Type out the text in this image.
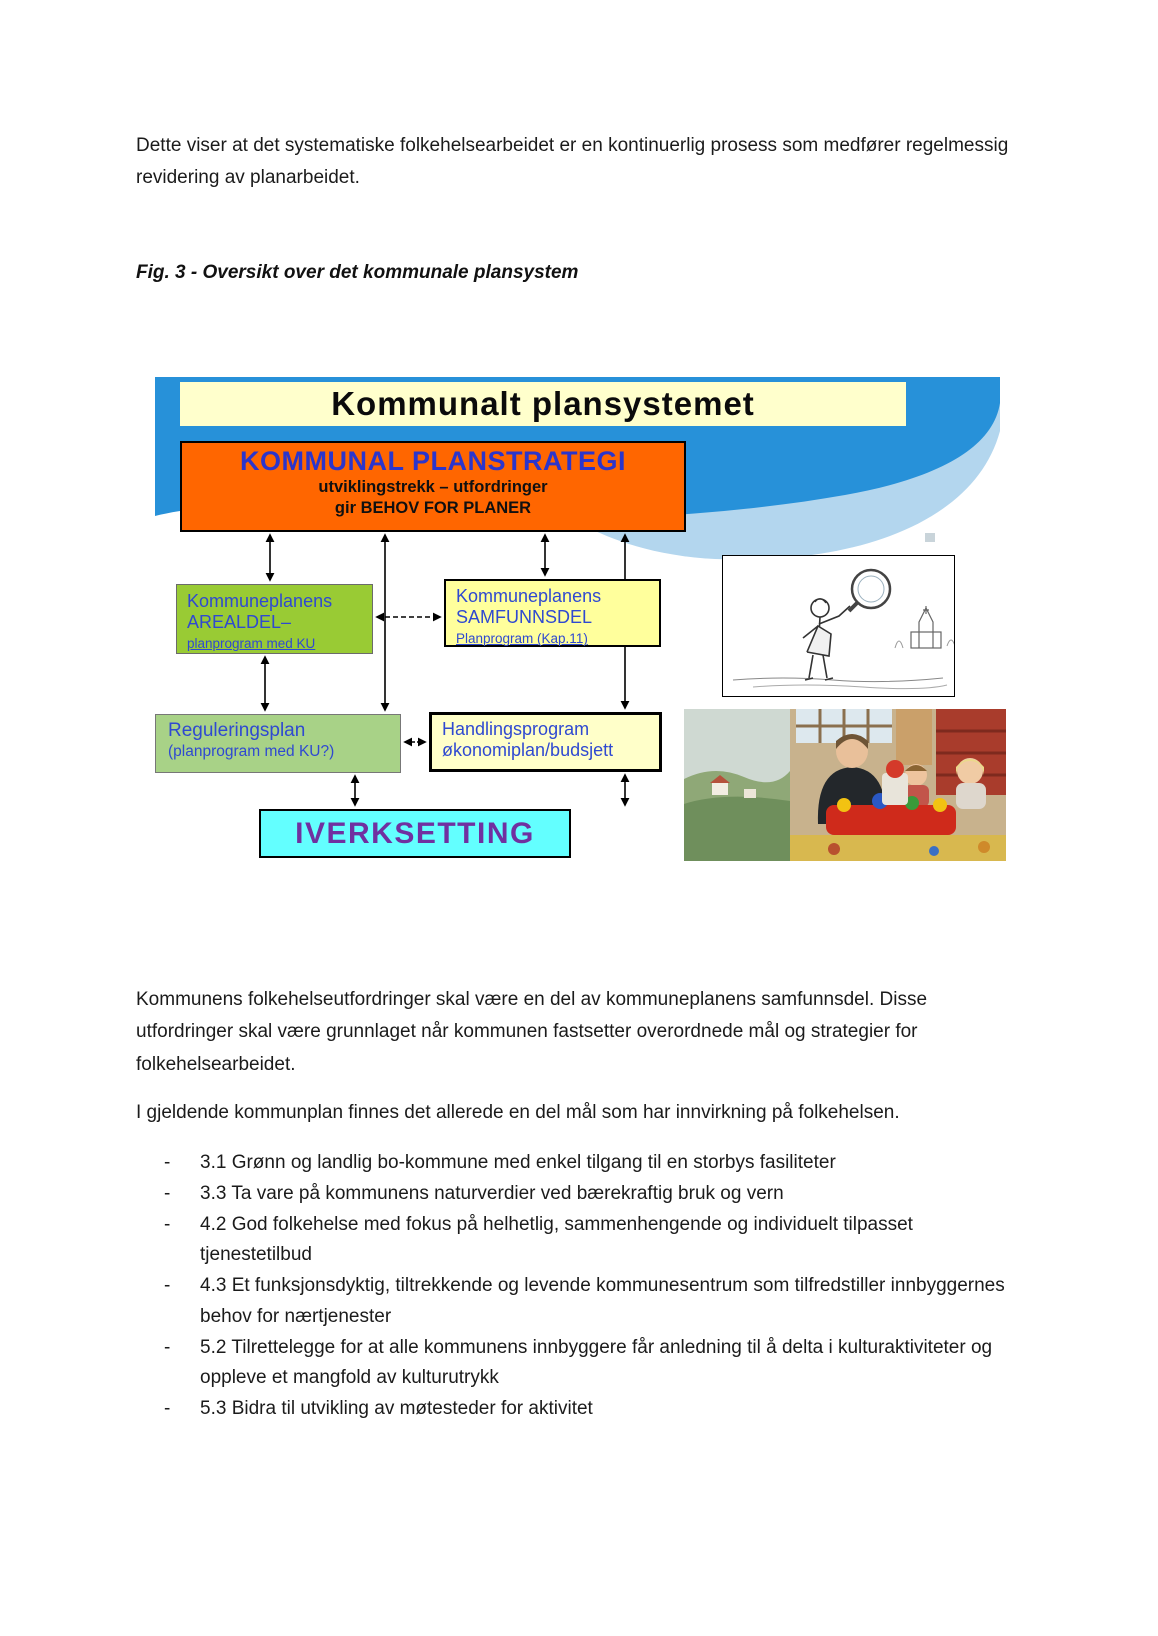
Dette viser at det systematiske folkehelsearbeidet er en kontinuerlig prosess som medfører regelmessig revidering av planarbeidet.

Fig. 3 - Oversikt over det kommunale plansystem

Kommunalt plansystemet
KOMMUNAL PLANSTRATEGI
utviklingstrekk – utfordringer
gir BEHOV FOR PLANER
Kommuneplanens
AREALDEL–
planprogram med KU
Kommuneplanens
SAMFUNNSDEL
Planprogram (Kap.11)
Reguleringsplan
(planprogram med KU?)
Handlingsprogram
økonomiplan/budsjett
IVERKSETTING

Kommunens folkehelseutfordringer skal være en del av kommuneplanens samfunnsdel. Disse utfordringer skal være grunnlaget når kommunen fastsetter overordnede mål og strategier for folkehelsearbeidet.

I gjeldende kommunplan finnes det allerede en del mål som har innvirkning på folkehelsen.

-	3.1 Grønn og landlig bo-kommune med enkel tilgang til en storbys fasiliteter
-	3.3 Ta vare på kommunens naturverdier ved bærekraftig bruk og vern
-	4.2 God folkehelse med fokus på helhetlig, sammenhengende og individuelt tilpasset tjenestetilbud
-	4.3 Et funksjonsdyktig, tiltrekkende og levende kommunesentrum som tilfredstiller innbyggernes behov for nærtjenester
-	5.2 Tilrettelegge for at alle kommunens innbyggere får anledning til å delta i kulturaktiviteter og oppleve et mangfold av kulturutrykk
-	5.3 Bidra til utvikling av møtesteder for aktivitet
